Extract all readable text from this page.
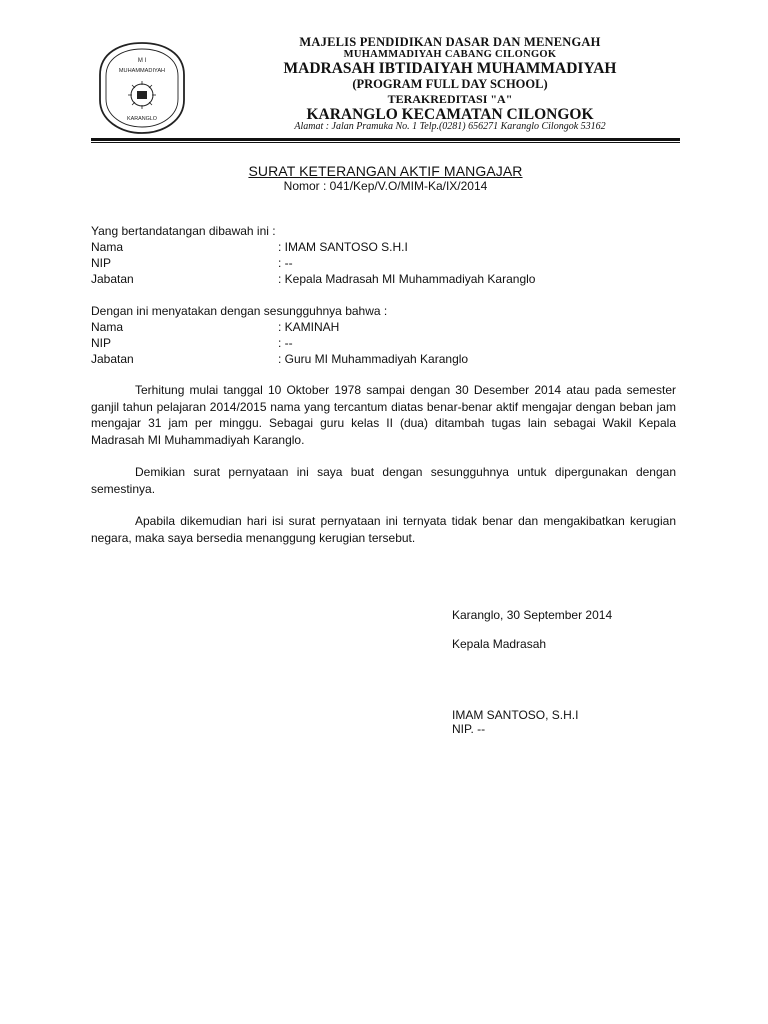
M I
MUHAMMADIYAH
KARANGLO
MAJELIS PENDIDIKAN DASAR DAN MENENGAH
MUHAMMADIYAH CABANG CILONGOK
MADRASAH IBTIDAIYAH MUHAMMADIYAH
(PROGRAM FULL DAY SCHOOL)
TERAKREDITASI "A"
KARANGLO KECAMATAN CILONGOK
Alamat : Jalan Pramuka No. 1 Telp.(0281) 656271 Karanglo Cilongok 53162
SURAT KETERANGAN AKTIF MANGAJAR
Nomor : 041/Kep/V.O/MIM-Ka/IX/2014
Yang bertandatangan dibawah ini :
Nama	: IMAM SANTOSO S.H.I
NIP	: --
Jabatan	: Kepala Madrasah MI Muhammadiyah Karanglo
Dengan ini menyatakan dengan sesungguhnya bahwa :
Nama	: KAMINAH
NIP	: --
Jabatan	: Guru MI Muhammadiyah Karanglo
Terhitung mulai tanggal 10 Oktober 1978 sampai dengan 30 Desember 2014 atau pada semester ganjil tahun pelajaran 2014/2015 nama yang tercantum diatas benar-benar aktif mengajar dengan beban jam mengajar 31 jam per minggu. Sebagai guru kelas II (dua) ditambah tugas lain sebagai Wakil Kepala Madrasah MI Muhammadiyah Karanglo.
Demikian surat pernyataan ini saya buat dengan sesungguhnya untuk dipergunakan dengan semestinya.
Apabila dikemudian hari isi surat pernyataan ini ternyata tidak benar dan mengakibatkan kerugian negara, maka saya bersedia menanggung kerugian tersebut.
Karanglo, 30 September 2014
Kepala Madrasah
IMAM SANTOSO, S.H.I
NIP. --
